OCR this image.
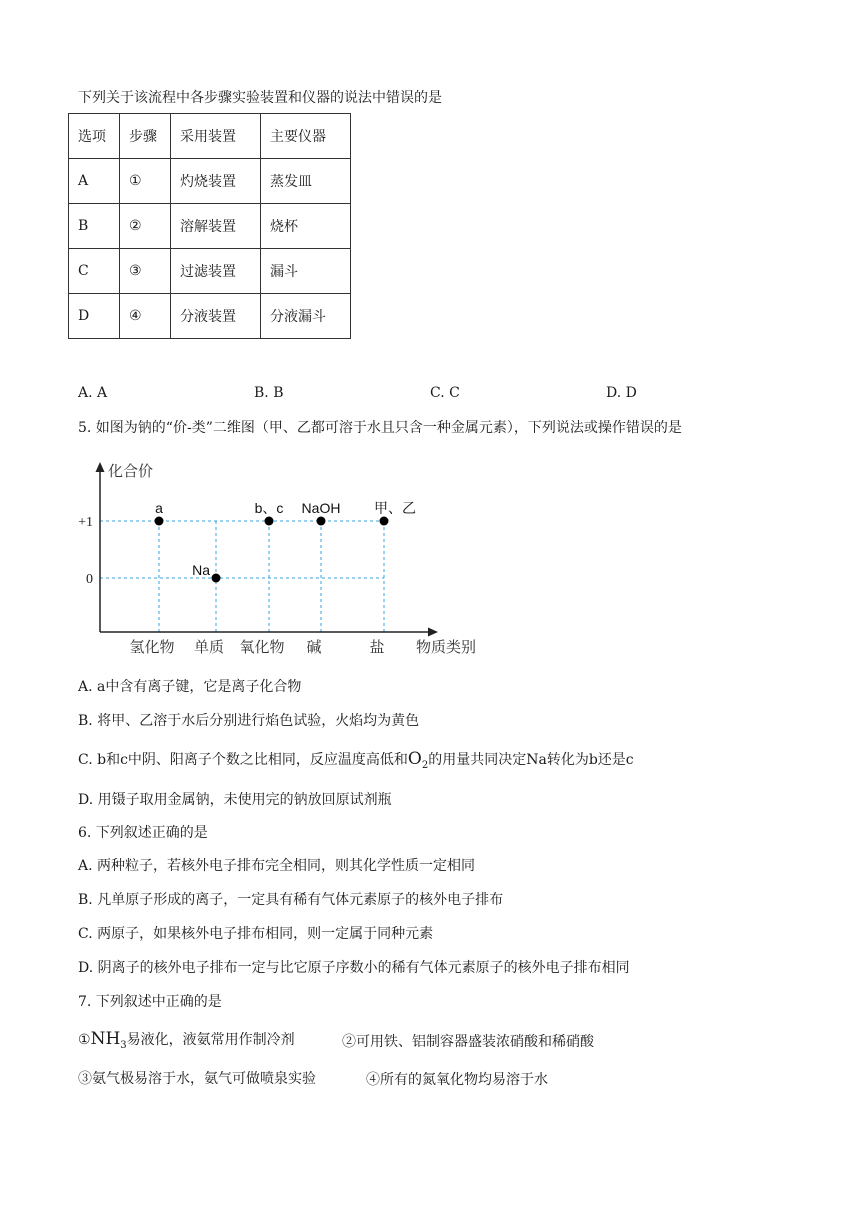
下列关于该流程中各步骤实验装置和仪器的说法中错误的是
选项	步骤	采用装置	主要仪器
A	①	灼烧装置	蒸发皿
B	②	溶解装置	烧杯
C	③	过滤装置	漏斗
D	④	分液装置	分液漏斗
A. A	B. B	C. C	D. D
5. 如图为钠的“价-类”二维图（甲、乙都可溶于水且只含一种金属元素），下列说法或操作错误的是
化合价
物质类别
+1
0
氢化物 单质 氧化物 碱	盐
a
Na
b、c NaOH 甲、乙
A. a中含有离子键，它是离子化合物
B. 将甲、乙溶于水后分别进行焰色试验，火焰均为黄色
C. b和c中阴、阳离子个数之比相同，反应温度高低和$O_2$的用量共同决定Na转化为b还是c
D. 用镊子取用金属钠，未使用完的钠放回原试剂瓶
6. 下列叙述正确的是
A. 两种粒子，若核外电子排布完全相同，则其化学性质一定相同
B. 凡单原子形成的离子，一定具有稀有气体元素原子的核外电子排布
C. 两原子，如果核外电子排布相同，则一定属于同种元素
D. 阴离子的核外电子排布一定与比它原子序数小的稀有气体元素原子的核外电子排布相同
7. 下列叙述中正确的是
$①NH_3$易液化，液氨常用作制冷剂	②可用铁、铝制容器盛装浓硝酸和稀硝酸
③氨气极易溶于水，氨气可做喷泉实验	④所有的氮氧化物均易溶于水
